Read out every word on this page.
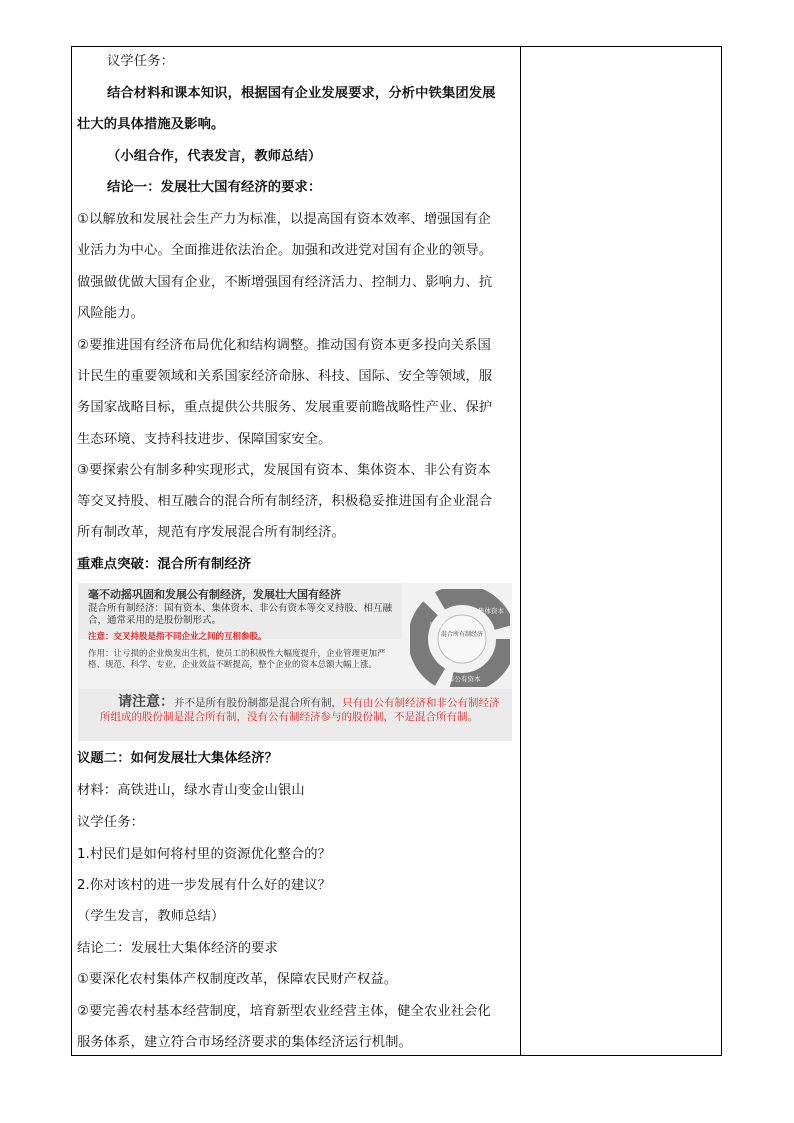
议学任务：
结合材料和课本知识，根据国有企业发展要求，分析中铁集团发展
壮大的具体措施及影响。
（小组合作，代表发言，教师总结）
结论一：发展壮大国有经济的要求：
①以解放和发展社会生产力为标准，以提高国有资本效率、增强国有企
业活力为中心。全面推进依法治企。加强和改进党对国有企业的领导。
做强做优做大国有企业，不断增强国有经济活力、控制力、影响力、抗
风险能力。
②要推进国有经济布局优化和结构调整。推动国有资本更多投向关系国
计民生的重要领域和关系国家经济命脉、科技、国际、安全等领域，服
务国家战略目标，重点提供公共服务、发展重要前瞻战略性产业、保护
生态环境、支持科技进步、保障国家安全。
③要探索公有制多种实现形式，发展国有资本、集体资本、非公有资本
等交叉持股、相互融合的混合所有制经济，积极稳妥推进国有企业混合
所有制改革，规范有序发展混合所有制经济。
重难点突破：混合所有制经济
毫不动摇巩固和发展公有制经济，发展壮大国有经济
混合所有制经济：国有资本、集体资本、非公有资本等交叉持股、相互融合，通常采用的是股份制形式。
注意：交叉持股是指不同企业之间的互相参股。
作用：让亏损的企业焕发出生机，使员工的积极性大幅度提升，企业管理更加严格、规范、科学、专业，企业效益不断提高，整个企业的资本总额大幅上涨。
请注意：并不是所有股份制都是混合所有制，只有由公有制经济和非公有制经济所组成的股份制是混合所有制，没有公有制经济参与的股份制，不是混合所有制。
混合所有制经济
国有资本
集体资本
非公有资本
议题二：如何发展壮大集体经济？
材料：高铁进山，绿水青山变金山银山
议学任务：
1.村民们是如何将村里的资源优化整合的？
2.你对该村的进一步发展有什么好的建议？
（学生发言，教师总结）
结论二：发展壮大集体经济的要求
①要深化农村集体产权制度改革，保障农民财产权益。
②要完善农村基本经营制度，培育新型农业经营主体，健全农业社会化
服务体系，建立符合市场经济要求的集体经济运行机制。
